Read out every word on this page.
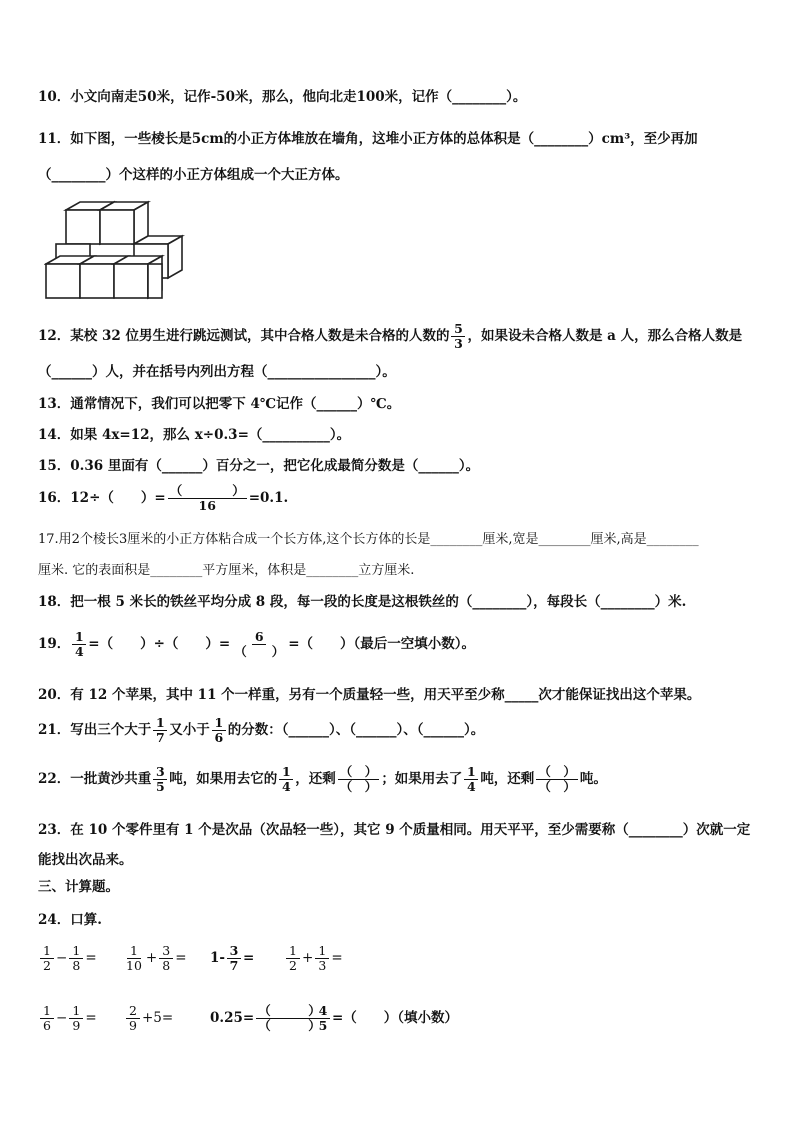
10．小文向南走50米，记作-50米，那么，他向北走100米，记作（________）。
11．如下图，一些棱长是5cm的小正方体堆放在墙角，这堆小正方体的总体积是（________）cm³，至少再加
（________）个这样的小正方体组成一个大正方体。
12．某校 32 位男生进行跳远测试，其中合格人数是未合格的人数的 $\frac{5}{3}$ ，如果设未合格人数是 a 人，那么合格人数是
（______）人，并在括号内列出方程（________________）。
13．通常情况下，我们可以把零下 4℃记作（______）℃。
14．如果 4x=12，那么 x÷0.3=（__________）。
15．0.36 里面有（______）百分之一，把它化成最简分数是（______）。
16．12÷（　　）= $\frac{( )}{16} =0.1$.
17.用2个棱长3厘米的小正方体粘合成一个长方体,这个长方体的长是________厘米,宽是________厘米,高是________
厘米. 它的表面积是________平方厘米，体积是________立方厘米.
18．把一根 5 米长的铁丝平均分成 8 段，每一段的长度是这根铁丝的（________），每段长（________）米.
19． $\frac{1}{4}$ =（　　）÷（　　）= $\frac{6}{( )}$ =（　　）（最后一空填小数）。
20．有 12 个苹果，其中 11 个一样重，另有一个质量轻一些，用天平至少称_____次才能保证找出这个苹果。
21．写出三个大于 $\frac{1}{7}$ 又小于 $\frac{1}{6}$ 的分数：（______）、（______）、（______）。
22．一批黄沙共重 $\frac{3}{5}$ 吨，如果用去它的 $\frac{1}{4}$ ，还剩 $\frac{( )}{( )}$ ；如果用去了 $\frac{1}{4}$ 吨，还剩 $\frac{( )}{( )}$ 吨。
23．在 10 个零件里有 1 个是次品（次品轻一些），其它 9 个质量相同。用天平平，至少需要称（________）次就一定
能找出次品来。
三、计算题。
24．口算.
$\frac{1}{2} - \frac{1}{8} = \frac{1}{10} + \frac{3}{8} = 1- \frac{3}{7}$ =	$\frac{1}{2} + \frac{1}{3}$ =
$\frac{1}{6} - \frac{1}{9} = \frac{2}{9} +5=$	$0.25= \frac{( )}{( )}$
$\frac{4}{5}$ =（　　）（填小数）
